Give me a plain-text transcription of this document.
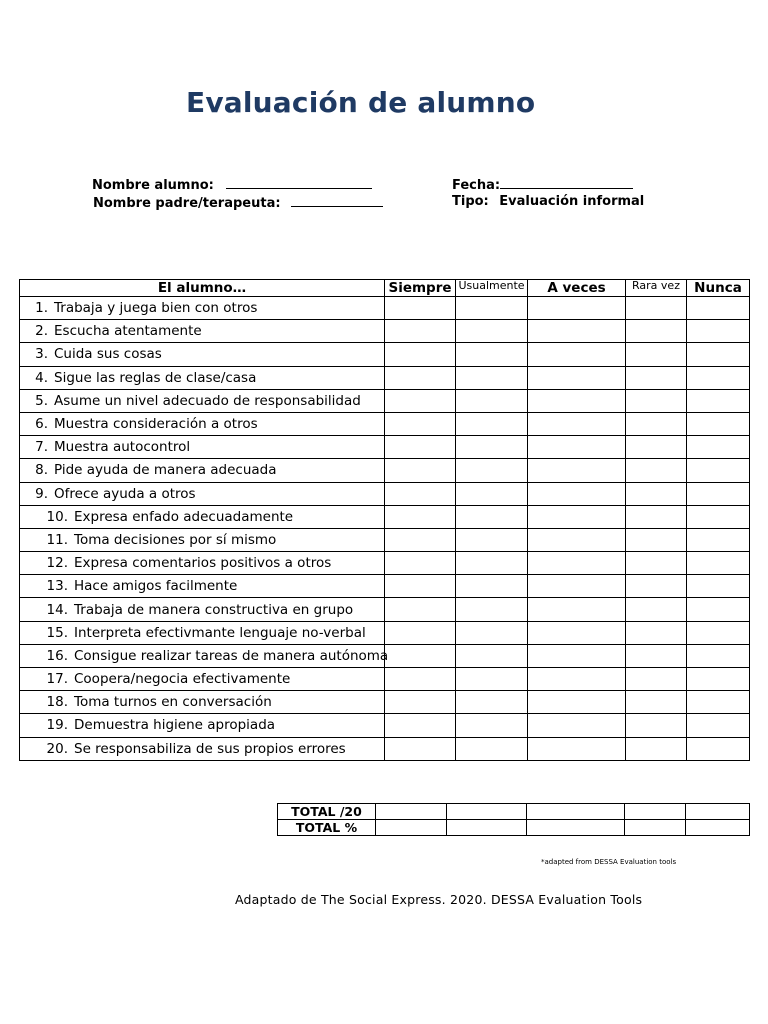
Evaluación de alumno
Nombre alumno:
Nombre padre/terapeuta:
Fecha:
Tipo: Evaluación informal
El alumno…	Siempre	Usualmente	A veces	Rara vez	Nunca
1. Trabaja y juega bien con otros					
2. Escucha atentamente					
3. Cuida sus cosas					
4. Sigue las reglas de clase/casa					
5. Asume un nivel adecuado de responsabilidad					
6. Muestra consideración a otros					
7. Muestra autocontrol					
8. Pide ayuda de manera adecuada					
9. Ofrece ayuda a otros					
10. Expresa enfado adecuadamente					
11. Toma decisiones por sí mismo					
12. Expresa comentarios positivos a otros					
13. Hace amigos facilmente					
14. Trabaja de manera constructiva en grupo					
15. Interpreta efectivmante lenguaje no-verbal					
16. Consigue realizar tareas de manera autónoma					
17. Coopera/negocia efectivamente					
18. Toma turnos en conversación					
19. Demuestra higiene apropiada					
20. Se responsabiliza de sus propios errores					
TOTAL /20					
TOTAL %					
*adapted from DESSA Evaluation tools
Adaptado de The Social Express. 2020. DESSA Evaluation Tools
